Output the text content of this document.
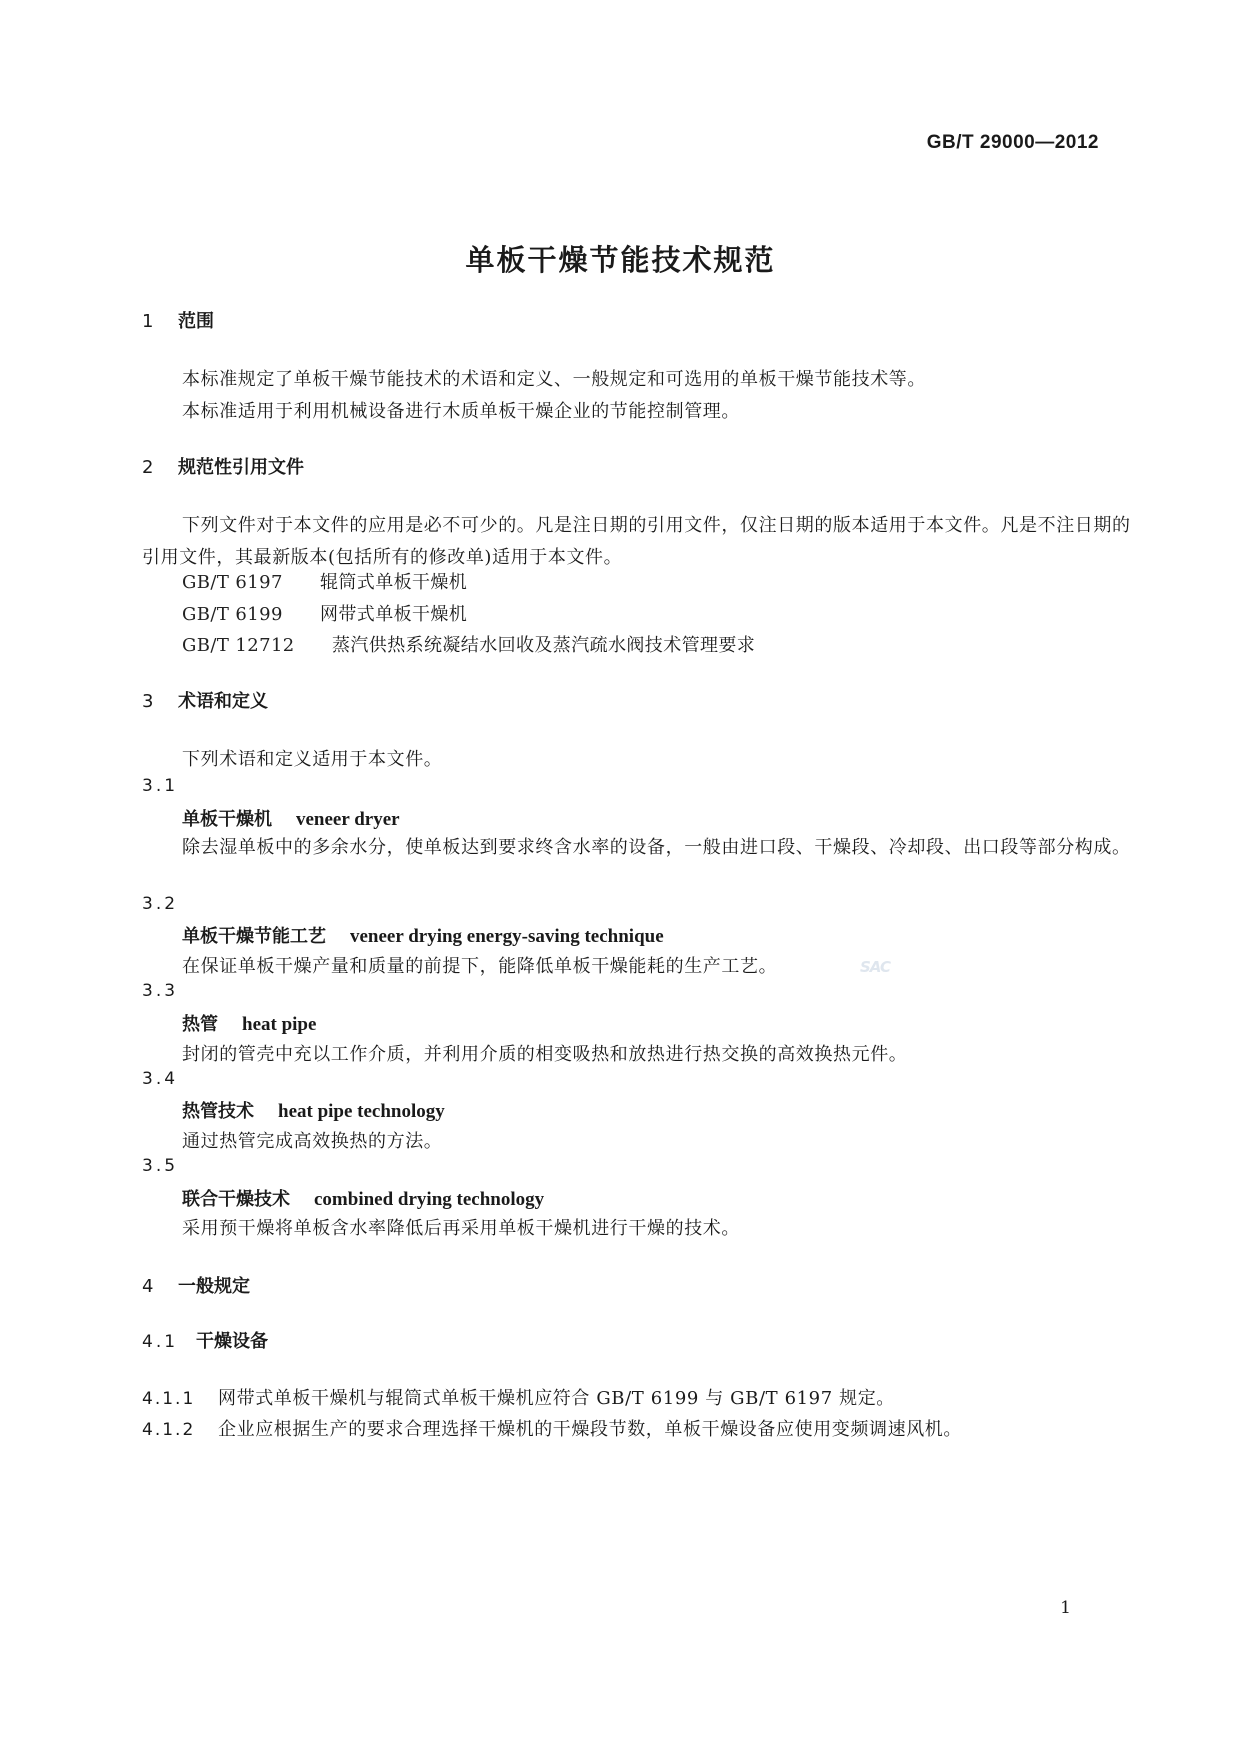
GB/T 29000—2012
单板干燥节能技术规范
1 范围
本标准规定了单板干燥节能技术的术语和定义、一般规定和可选用的单板干燥节能技术等。
本标准适用于利用机械设备进行木质单板干燥企业的节能控制管理。
2 规范性引用文件
下列文件对于本文件的应用是必不可少的。凡是注日期的引用文件，仅注日期的版本适用于本文件。凡是不注日期的引用文件，其最新版本(包括所有的修改单)适用于本文件。
GB/T 6197 辊筒式单板干燥机
GB/T 6199 网带式单板干燥机
GB/T 12712 蒸汽供热系统凝结水回收及蒸汽疏水阀技术管理要求
3 术语和定义
下列术语和定义适用于本文件。
3.1
单板干燥机 veneer dryer
除去湿单板中的多余水分，使单板达到要求终含水率的设备，一般由进口段、干燥段、冷却段、出口段等部分构成。
3.2
单板干燥节能工艺 veneer drying energy-saving technique
在保证单板干燥产量和质量的前提下，能降低单板干燥能耗的生产工艺。
3.3
热管 heat pipe
封闭的管壳中充以工作介质，并利用介质的相变吸热和放热进行热交换的高效换热元件。
3.4
热管技术 heat pipe technology
通过热管完成高效换热的方法。
3.5
联合干燥技术 combined drying technology
采用预干燥将单板含水率降低后再采用单板干燥机进行干燥的技术。
4 一般规定
4.1 干燥设备
4.1.1 网带式单板干燥机与辊筒式单板干燥机应符合 GB/T 6199 与 GB/T 6197 规定。
4.1.2 企业应根据生产的要求合理选择干燥机的干燥段节数，单板干燥设备应使用变频调速风机。
SAC
1
